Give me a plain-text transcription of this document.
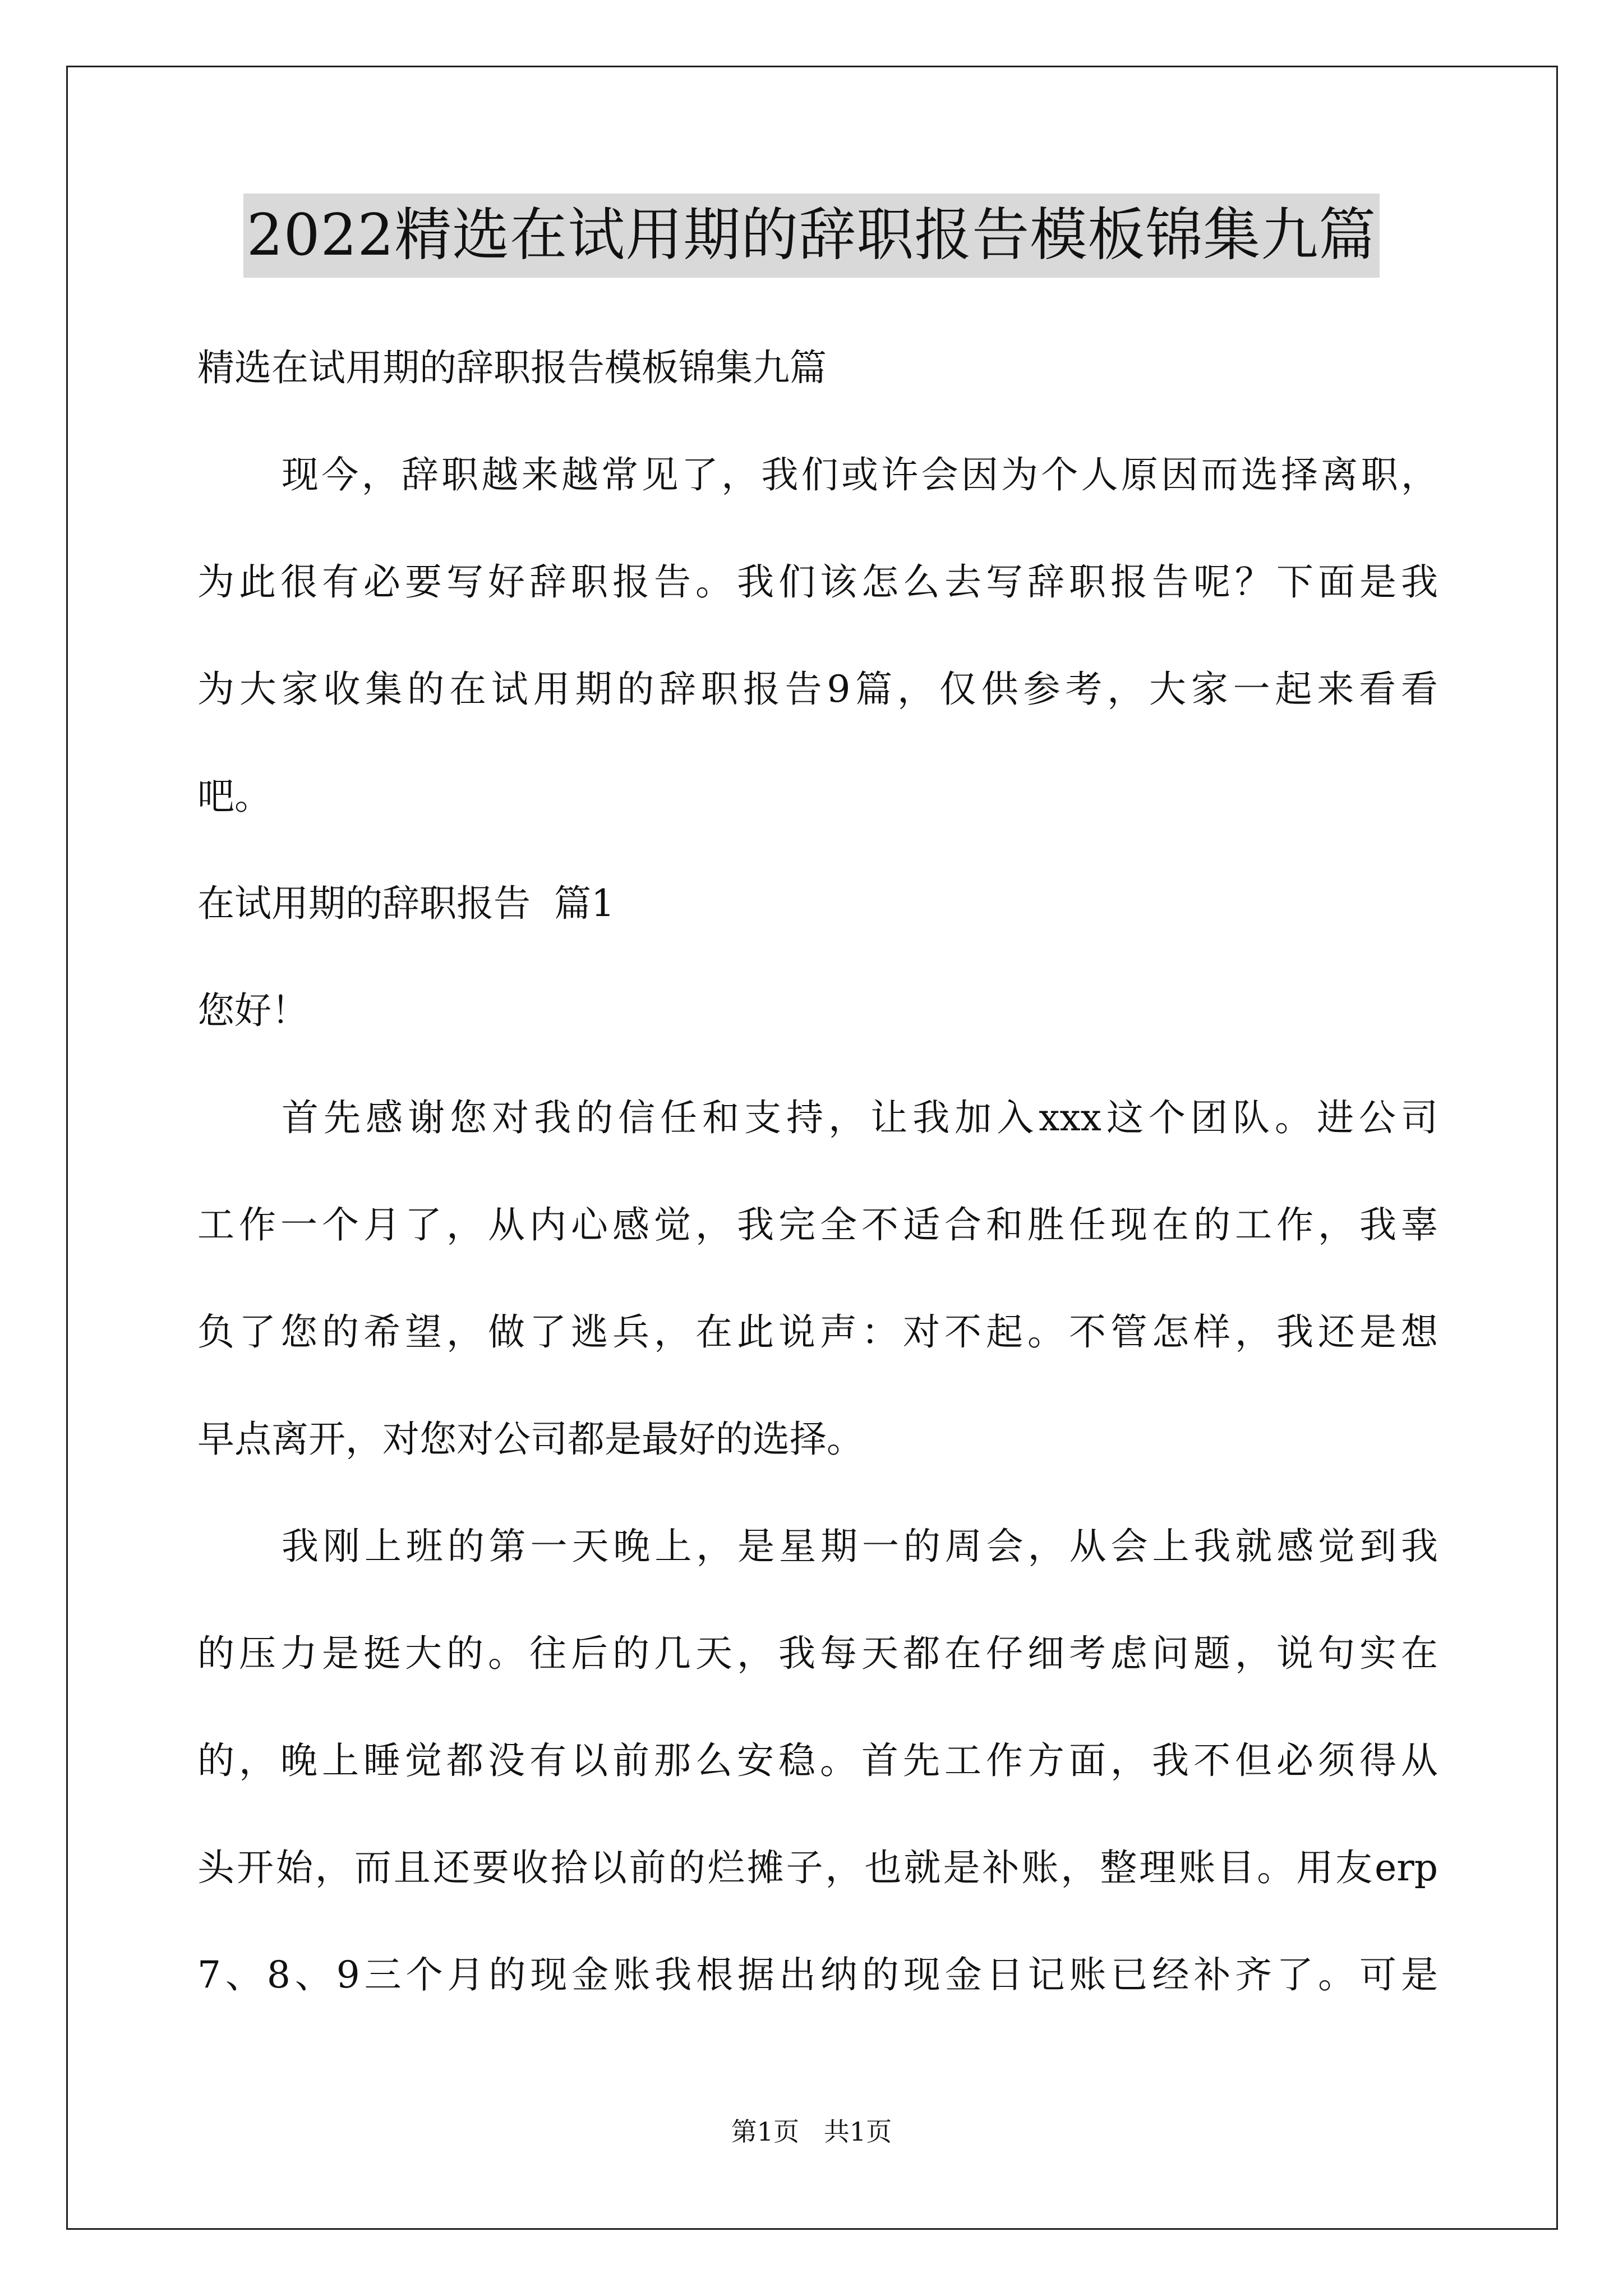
2022精选在试用期的辞职报告模板锦集九篇
精选在试用期的辞职报告模板锦集九篇
现今，辞职越来越常见了，我们或许会因为个人原因而选择离职，
为此很有必要写好辞职报告。我们该怎么去写辞职报告呢？下面是我
为大家收集的在试用期的辞职报告9篇，仅供参考，大家一起来看看
吧。
在试用期的辞职报告  篇1
您好！
首先感谢您对我的信任和支持，让我加入xxx这个团队。进公司
工作一个月了，从内心感觉，我完全不适合和胜任现在的工作，我辜
负了您的希望，做了逃兵，在此说声：对不起。不管怎样，我还是想
早点离开，对您对公司都是最好的选择。
我刚上班的第一天晚上，是星期一的周会，从会上我就感觉到我
的压力是挺大的。往后的几天，我每天都在仔细考虑问题，说句实在
的，晚上睡觉都没有以前那么安稳。首先工作方面，我不但必须得从
头开始，而且还要收拾以前的烂摊子，也就是补账，整理账目。用友erp
7、8、9三个月的现金账我根据出纳的现金日记账已经补齐了。可是
第1页   共1页
